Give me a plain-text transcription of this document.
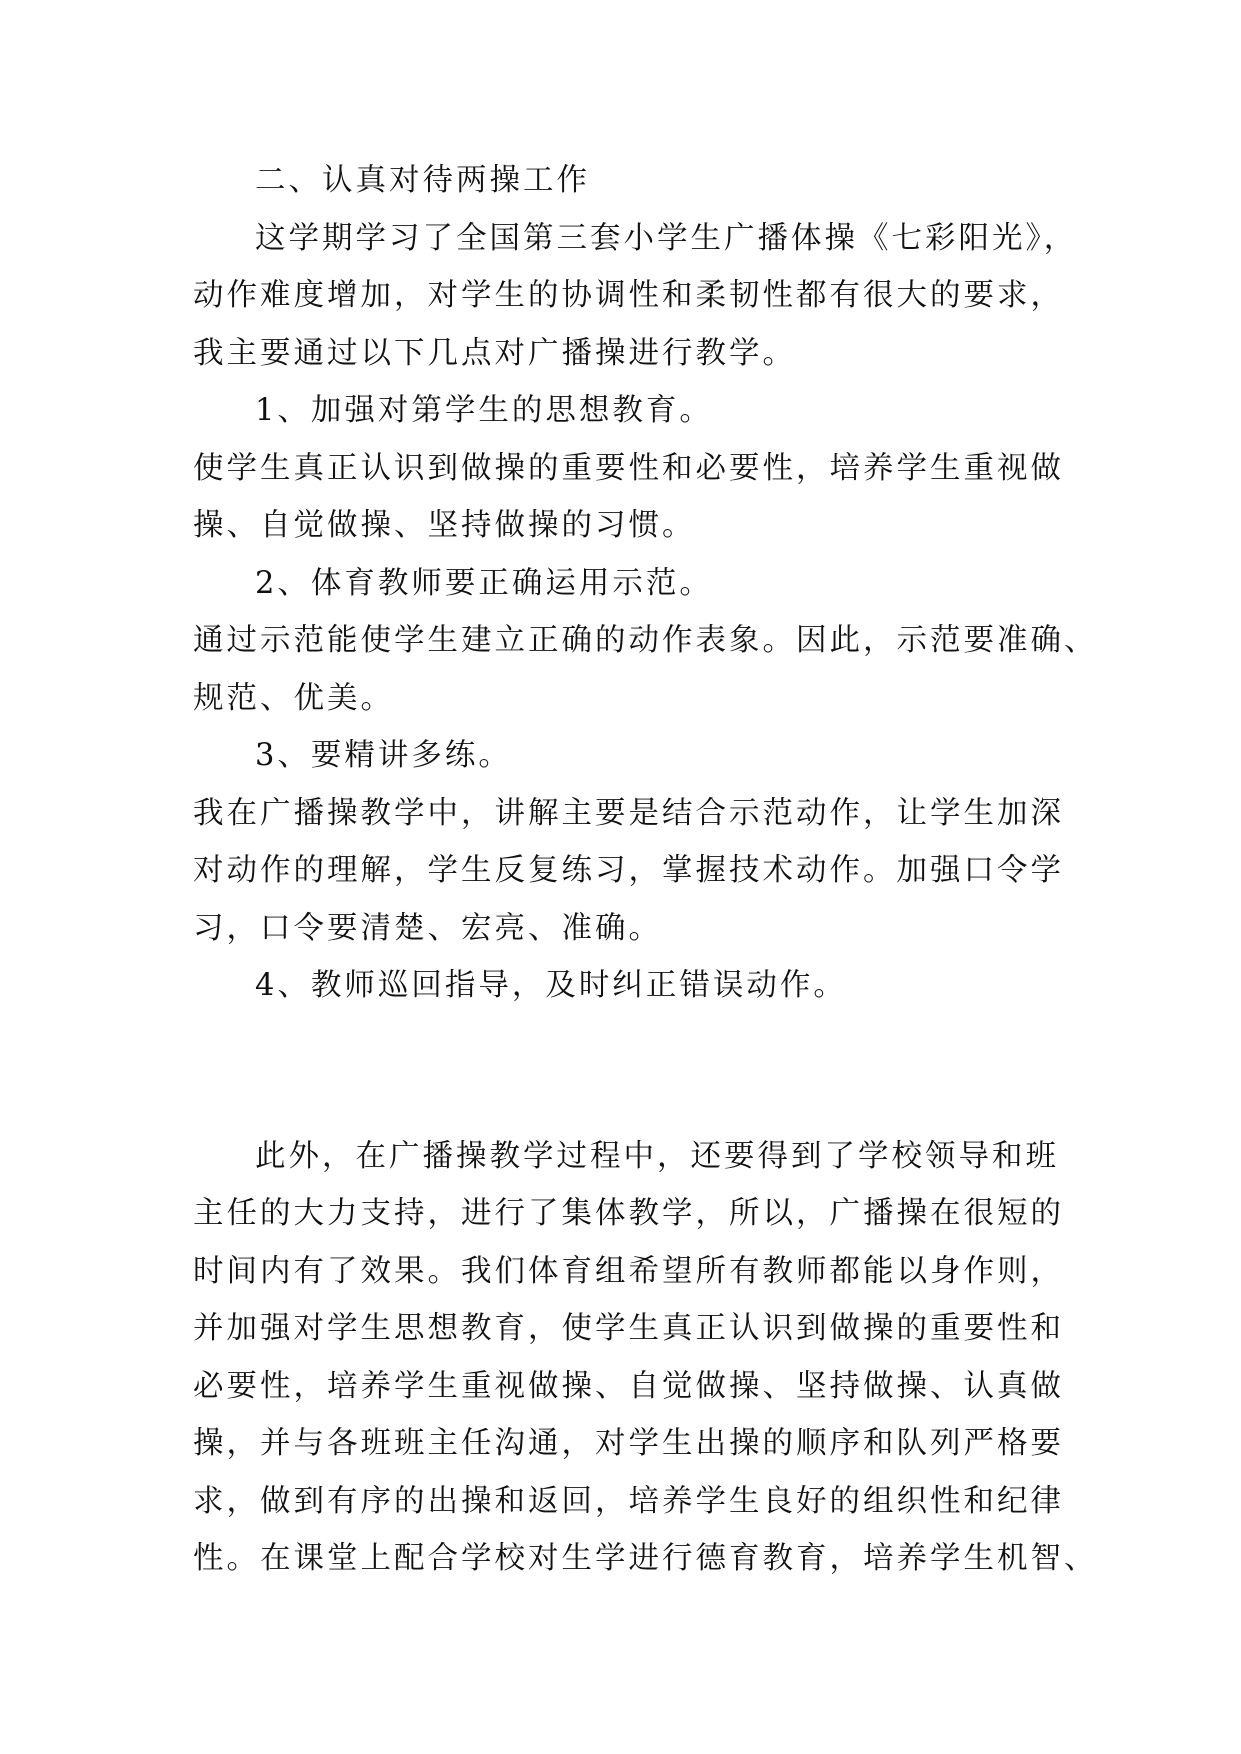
二、认真对待两操工作
这学期学习了全国第三套小学生广播体操《七彩阳光》，
动作难度增加，对学生的协调性和柔韧性都有很大的要求，
我主要通过以下几点对广播操进行教学。
1、加强对第学生的思想教育。
使学生真正认识到做操的重要性和必要性，培养学生重视做
操、自觉做操、坚持做操的习惯。
2、体育教师要正确运用示范。
通过示范能使学生建立正确的动作表象。因此，示范要准确、
规范、优美。
3、要精讲多练。
我在广播操教学中，讲解主要是结合示范动作，让学生加深
对动作的理解，学生反复练习，掌握技术动作。加强口令学
习，口令要清楚、宏亮、准确。
4、教师巡回指导，及时纠正错误动作。
此外，在广播操教学过程中，还要得到了学校领导和班
主任的大力支持，进行了集体教学，所以，广播操在很短的
时间内有了效果。我们体育组希望所有教师都能以身作则，
并加强对学生思想教育，使学生真正认识到做操的重要性和
必要性，培养学生重视做操、自觉做操、坚持做操、认真做
操，并与各班班主任沟通，对学生出操的顺序和队列严格要
求，做到有序的出操和返回，培养学生良好的组织性和纪律
性。在课堂上配合学校对生学进行德育教育，培养学生机智、
